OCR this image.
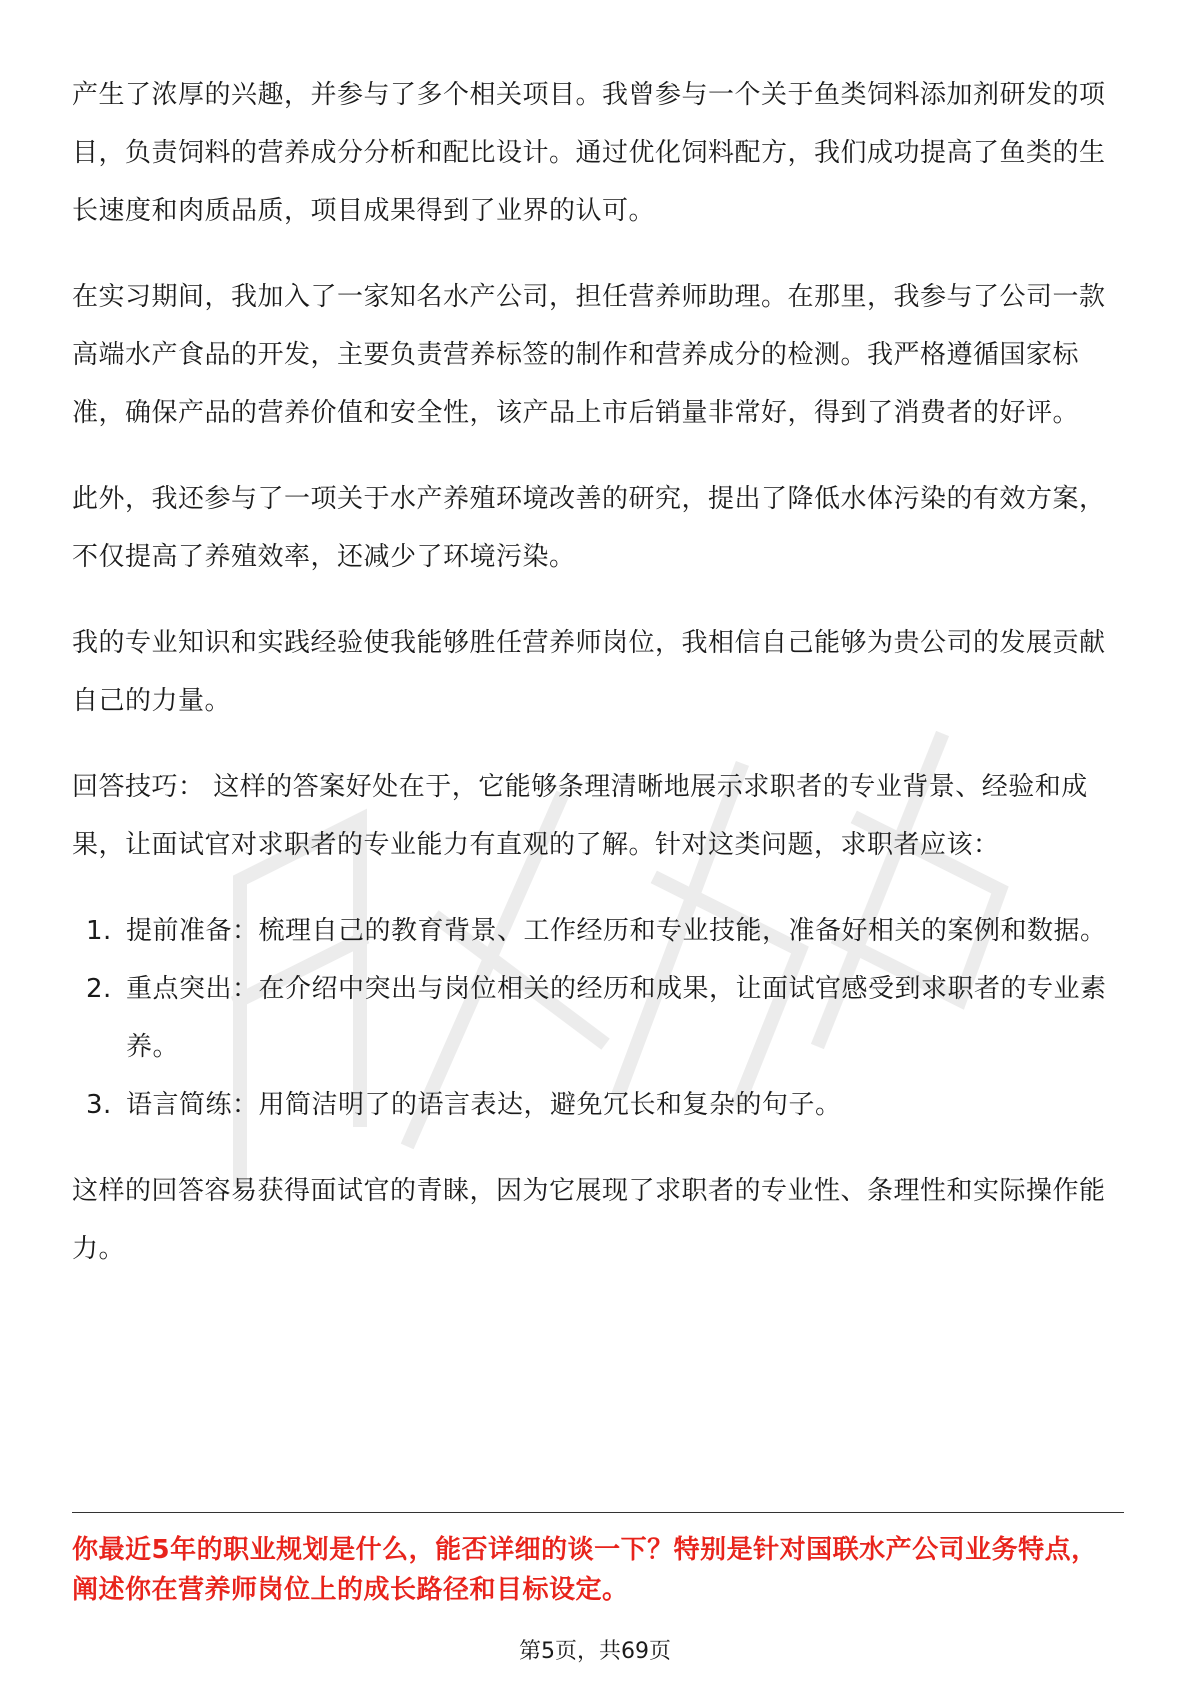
产生了浓厚的兴趣，并参与了多个相关项目。我曾参与一个关于鱼类饲料添加剂研发的项目，负责饲料的营养成分分析和配比设计。通过优化饲料配方，我们成功提高了鱼类的生长速度和肉质品质，项目成果得到了业界的认可。

在实习期间，我加入了一家知名水产公司，担任营养师助理。在那里，我参与了公司一款高端水产食品的开发，主要负责营养标签的制作和营养成分的检测。我严格遵循国家标准，确保产品的营养价值和安全性，该产品上市后销量非常好，得到了消费者的好评。

此外，我还参与了一项关于水产养殖环境改善的研究，提出了降低水体污染的有效方案，不仅提高了养殖效率，还减少了环境污染。

我的专业知识和实践经验使我能够胜任营养师岗位，我相信自己能够为贵公司的发展贡献自己的力量。

回答技巧： 这样的答案好处在于，它能够条理清晰地展示求职者的专业背景、经验和成果，让面试官对求职者的专业能力有直观的了解。针对这类问题，求职者应该：

1. 提前准备：梳理自己的教育背景、工作经历和专业技能，准备好相关的案例和数据。
2. 重点突出：在介绍中突出与岗位相关的经历和成果，让面试官感受到求职者的专业素养。
3. 语言简练：用简洁明了的语言表达，避免冗长和复杂的句子。

这样的回答容易获得面试官的青睐，因为它展现了求职者的专业性、条理性和实际操作能力。

你最近5年的职业规划是什么，能否详细的谈一下？特别是针对国联水产公司业务特点，阐述你在营养师岗位上的成长路径和目标设定。
第5页，共69页
